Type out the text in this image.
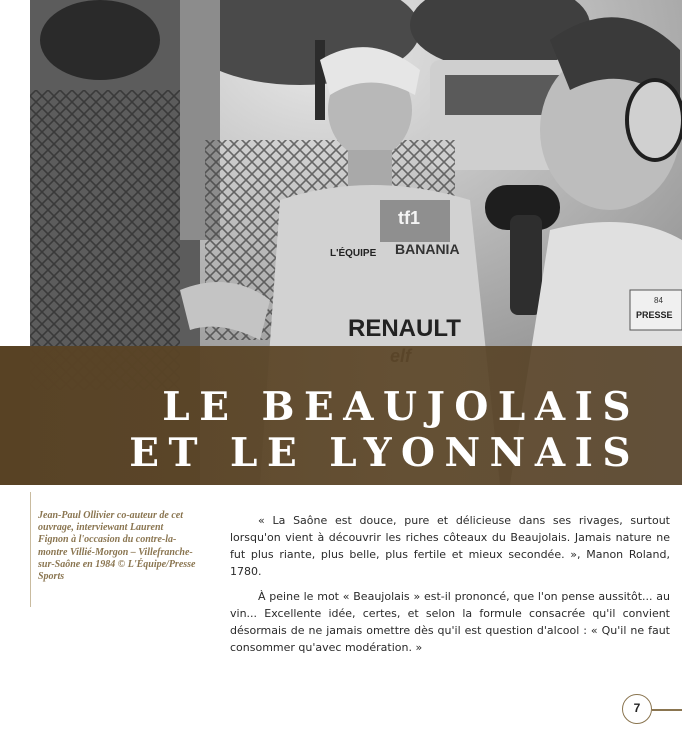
tf1
L'ÉQUIPE BANANIA
RENAULT
84
PRESSE
LE BEAUJOLAIS
ET LE LYONNAIS

Jean-Paul Ollivier co-auteur de cet ouvrage, interviewant Laurent Fignon à l'occasion du contre-la-montre Villié-Morgon – Villefranche-sur-Saône en 1984 © L'Équipe/Presse Sports

« La Saône est douce, pure et délicieuse dans ses rivages, surtout lorsqu'on vient à découvrir les riches côteaux du Beaujolais. Jamais nature ne fut plus riante, plus belle, plus fertile et mieux secondée. », Manon Roland, 1780.

À peine le mot « Beaujolais » est-il prononcé, que l'on pense aussitôt... au vin... Excellente idée, certes, et selon la formule consacrée qu'il convient désormais de ne jamais omettre dès qu'il est question d'alcool : « Qu'il ne faut consommer qu'avec modération. »

7
